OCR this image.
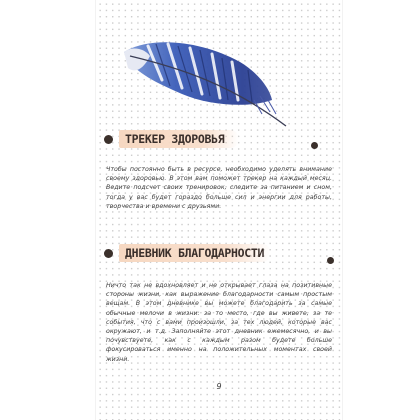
ТРЕКЕР ЗДОРОВЬЯ
Чтобы постоянно быть в ресурсе, необходимо уделять внимание своему здоровью. В этом вам поможет трекер на каждый месяц. Ведите подсчет своих тренировок, следите за питанием и сном, тогда у вас будет гораздо больше сил и энергии для работы, творчества и времени с друзьями.
ДНЕВНИК БЛАГОДАРНОСТИ
Ничто так не вдохновляет и не открывает глаза на позитивные стороны жизни, как выражение благодарности самым простым вещам. В этом дневнике вы можете благодарить за самые обычные мелочи в жизни: за то место, где вы живете, за те события, что с вами произошли, за тех людей, которые вас окружают, и т.д. Заполняйте этот дневник ежемесячно, и вы почувствуете, как с каждым разом будете больше фокусироваться именно на положительных моментах своей жизни.
9
